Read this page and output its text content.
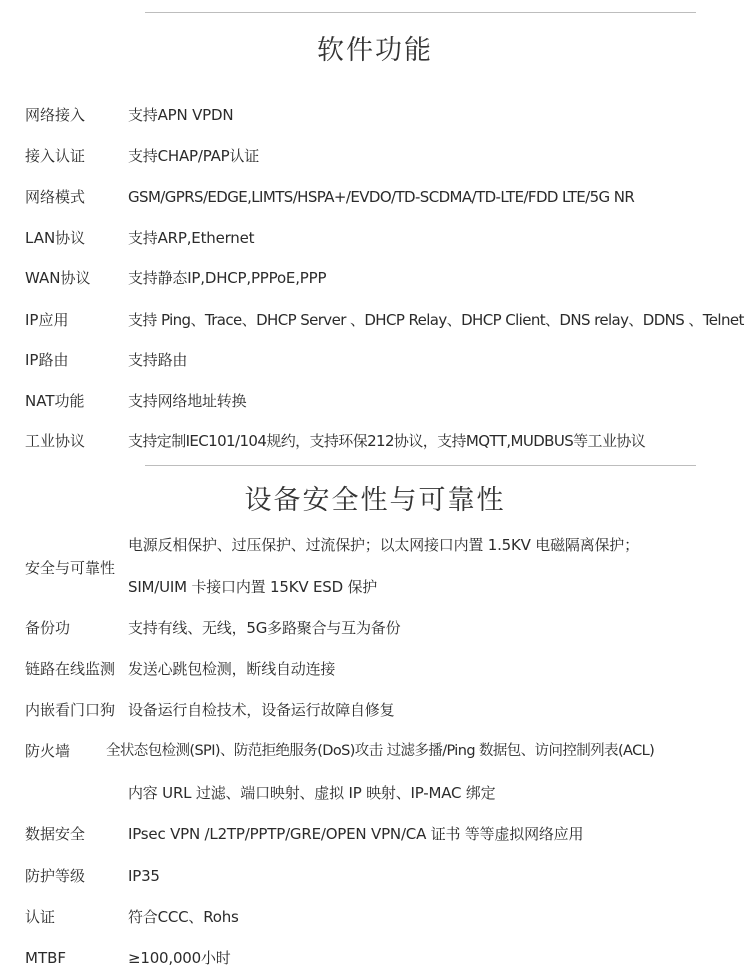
软件功能
网络接入	支持APN VPDN
接入认证	支持CHAP/PAP认证
网络模式	GSM/GPRS/EDGE,LIMTS/HSPA+/EVDO/TD-SCDMA/TD-LTE/FDD LTE/5G NR
LAN协议	支持ARP,Ethernet
WAN协议	支持静态IP,DHCP,PPPoE,PPP
IP应用	支持 Ping、Trace、DHCP Server 、DHCP Relay、DHCP Client、DNS relay、DDNS 、Telnet
IP路由	支持路由
NAT功能	支持网络地址转换
工业协议	支持定制IEC101/104规约，支持环保212协议，支持MQTT,MUDBUS等工业协议
设备安全性与可靠性
安全与可靠性
电源反相保护、过压保护、过流保护；以太网接口内置 1.5KV 电磁隔离保护；
SIM/UIM 卡接口内置 15KV ESD 保护
备份功	支持有线、无线，5G多路聚合与互为备份
链路在线监测 发送心跳包检测，断线自动连接
内嵌看门口狗 设备运行自检技术，设备运行故障自修复
防火墙 全状态包检测(SPI)、防范拒绝服务(DoS)攻击 过滤多播/Ping 数据包、访问控制列表(ACL)
内容 URL 过滤、端口映射、虚拟 IP 映射、IP-MAC 绑定
数据安全	IPsec VPN /L2TP/PPTP/GRE/OPEN VPN/CA 证书 等等虚拟网络应用
防护等级	IP35
认证	符合CCC、Rohs
MTBF	≥100,000小时
